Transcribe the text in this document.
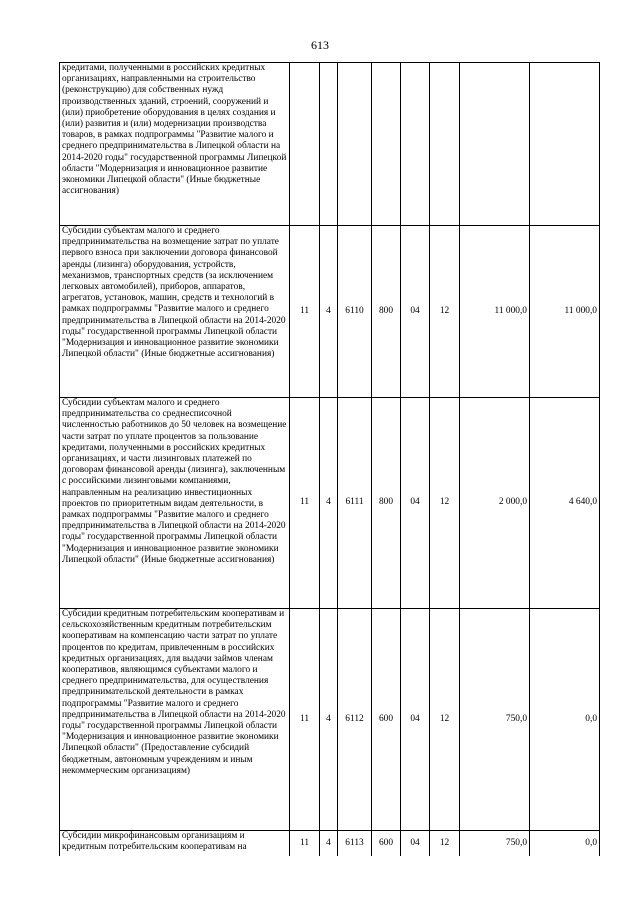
613
кредитами, полученными в российских кредитных организациях, направленными на строительство (реконструкцию) для собственных нужд производственных зданий, строений, сооружений и (или) приобретение оборудования в целях создания и (или) развития и (или) модернизации производства товаров, в рамках подпрограммы "Развитие малого и среднего предпринимательства в Липецкой области на 2014-2020 годы" государственной программы Липецкой области "Модернизация и инновационное развитие экономики Липецкой области" (Иные бюджетные ассигнования)								
Субсидии субъектам малого и среднего предпринимательства на возмещение затрат по уплате первого взноса при заключении договора финансовой аренды (лизинга) оборудования, устройств, механизмов, транспортных средств (за исключением легковых автомобилей), приборов, аппаратов, агрегатов, установок, машин, средств и технологий в рамках подпрограммы "Развитие малого и среднего предпринимательства в Липецкой области на 2014-2020 годы" государственной программы Липецкой области "Модернизация и инновационное развитие экономики Липецкой области" (Иные бюджетные ассигнования)	11	4	6110	800	04	12	11 000,0	11 000,0
Субсидии субъектам малого и среднего предпринимательства со среднесписочной численностью работников до 50 человек на возмещение части затрат по уплате процентов за пользование кредитами, полученными в российских кредитных организациях, и части лизинговых платежей по договорам финансовой аренды (лизинга), заключенным с российскими лизинговыми компаниями, направленным на реализацию инвестиционных проектов по приоритетным видам деятельности, в рамках подпрограммы "Развитие малого и среднего предпринимательства в Липецкой области на 2014-2020 годы" государственной программы Липецкой области "Модернизация и инновационное развитие экономики Липецкой области" (Иные бюджетные ассигнования)	11	4	6111	800	04	12	2 000,0	4 640,0
Субсидии кредитным потребительским кооперативам и сельскохозяйственным кредитным потребительским кооперативам на компенсацию части затрат по уплате процентов по кредитам, привлеченным в российских кредитных организациях, для выдачи займов членам кооперативов, являющимся субъектами малого и среднего предпринимательства, для осуществления предпринимательской деятельности в рамках подпрограммы "Развитие малого и среднего предпринимательства в Липецкой области на 2014-2020 годы" государственной программы Липецкой области "Модернизация и инновационное развитие экономики Липецкой области" (Предоставление субсидий бюджетным, автономным учреждениям и иным некоммерческим организациям)	11	4	6112	600	04	12	750,0	0,0
Субсидии микрофинансовым организациям и кредитным потребительским кооперативам на	11	4	6113	600	04	12	750,0	0,0
